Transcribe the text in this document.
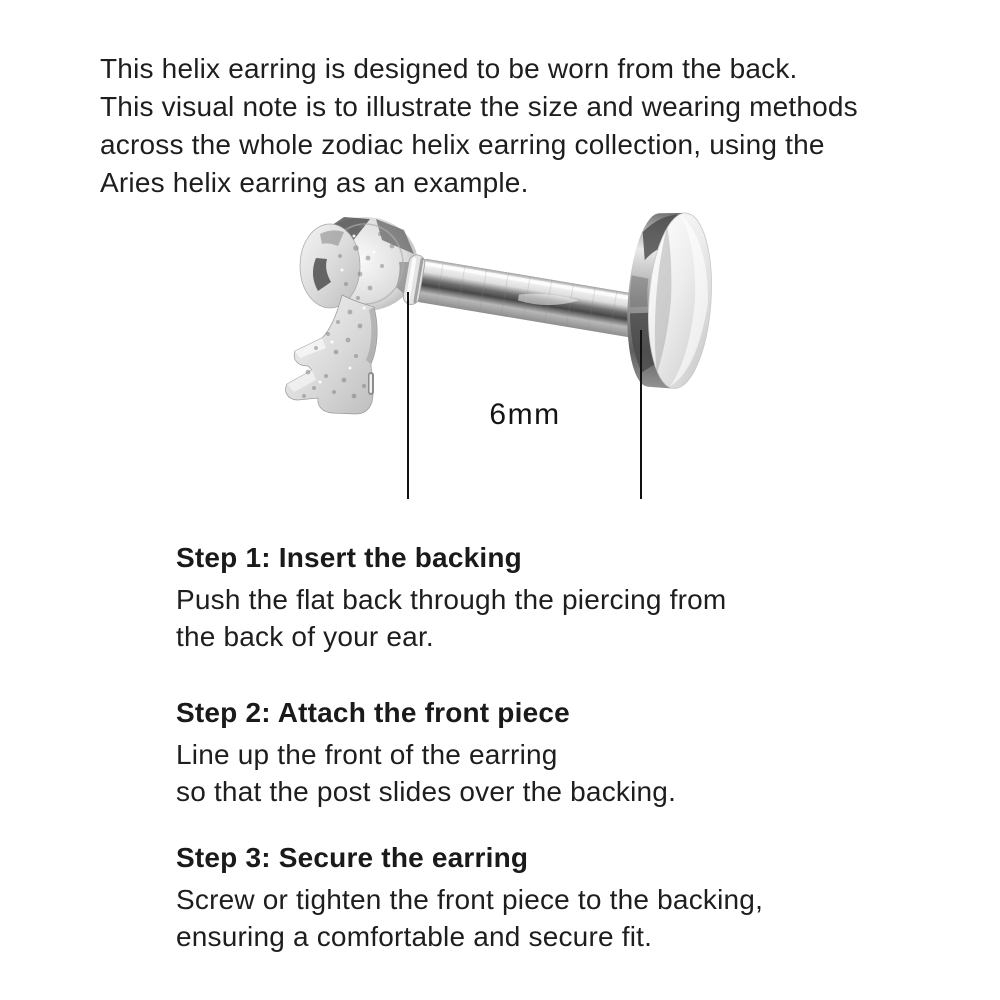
This helix earring is designed to be worn from the back.
This visual note is to illustrate the size and wearing methods
across the whole zodiac helix earring collection, using the
Aries helix earring as an example.
6mm
Step 1: Insert the backing
Push the flat back through the piercing from
the back of your ear.
Step 2: Attach the front piece
Line up the front of the earring
so that the post slides over the backing.
Step 3: Secure the earring
Screw or tighten the front piece to the backing,
ensuring a comfortable and secure fit.
